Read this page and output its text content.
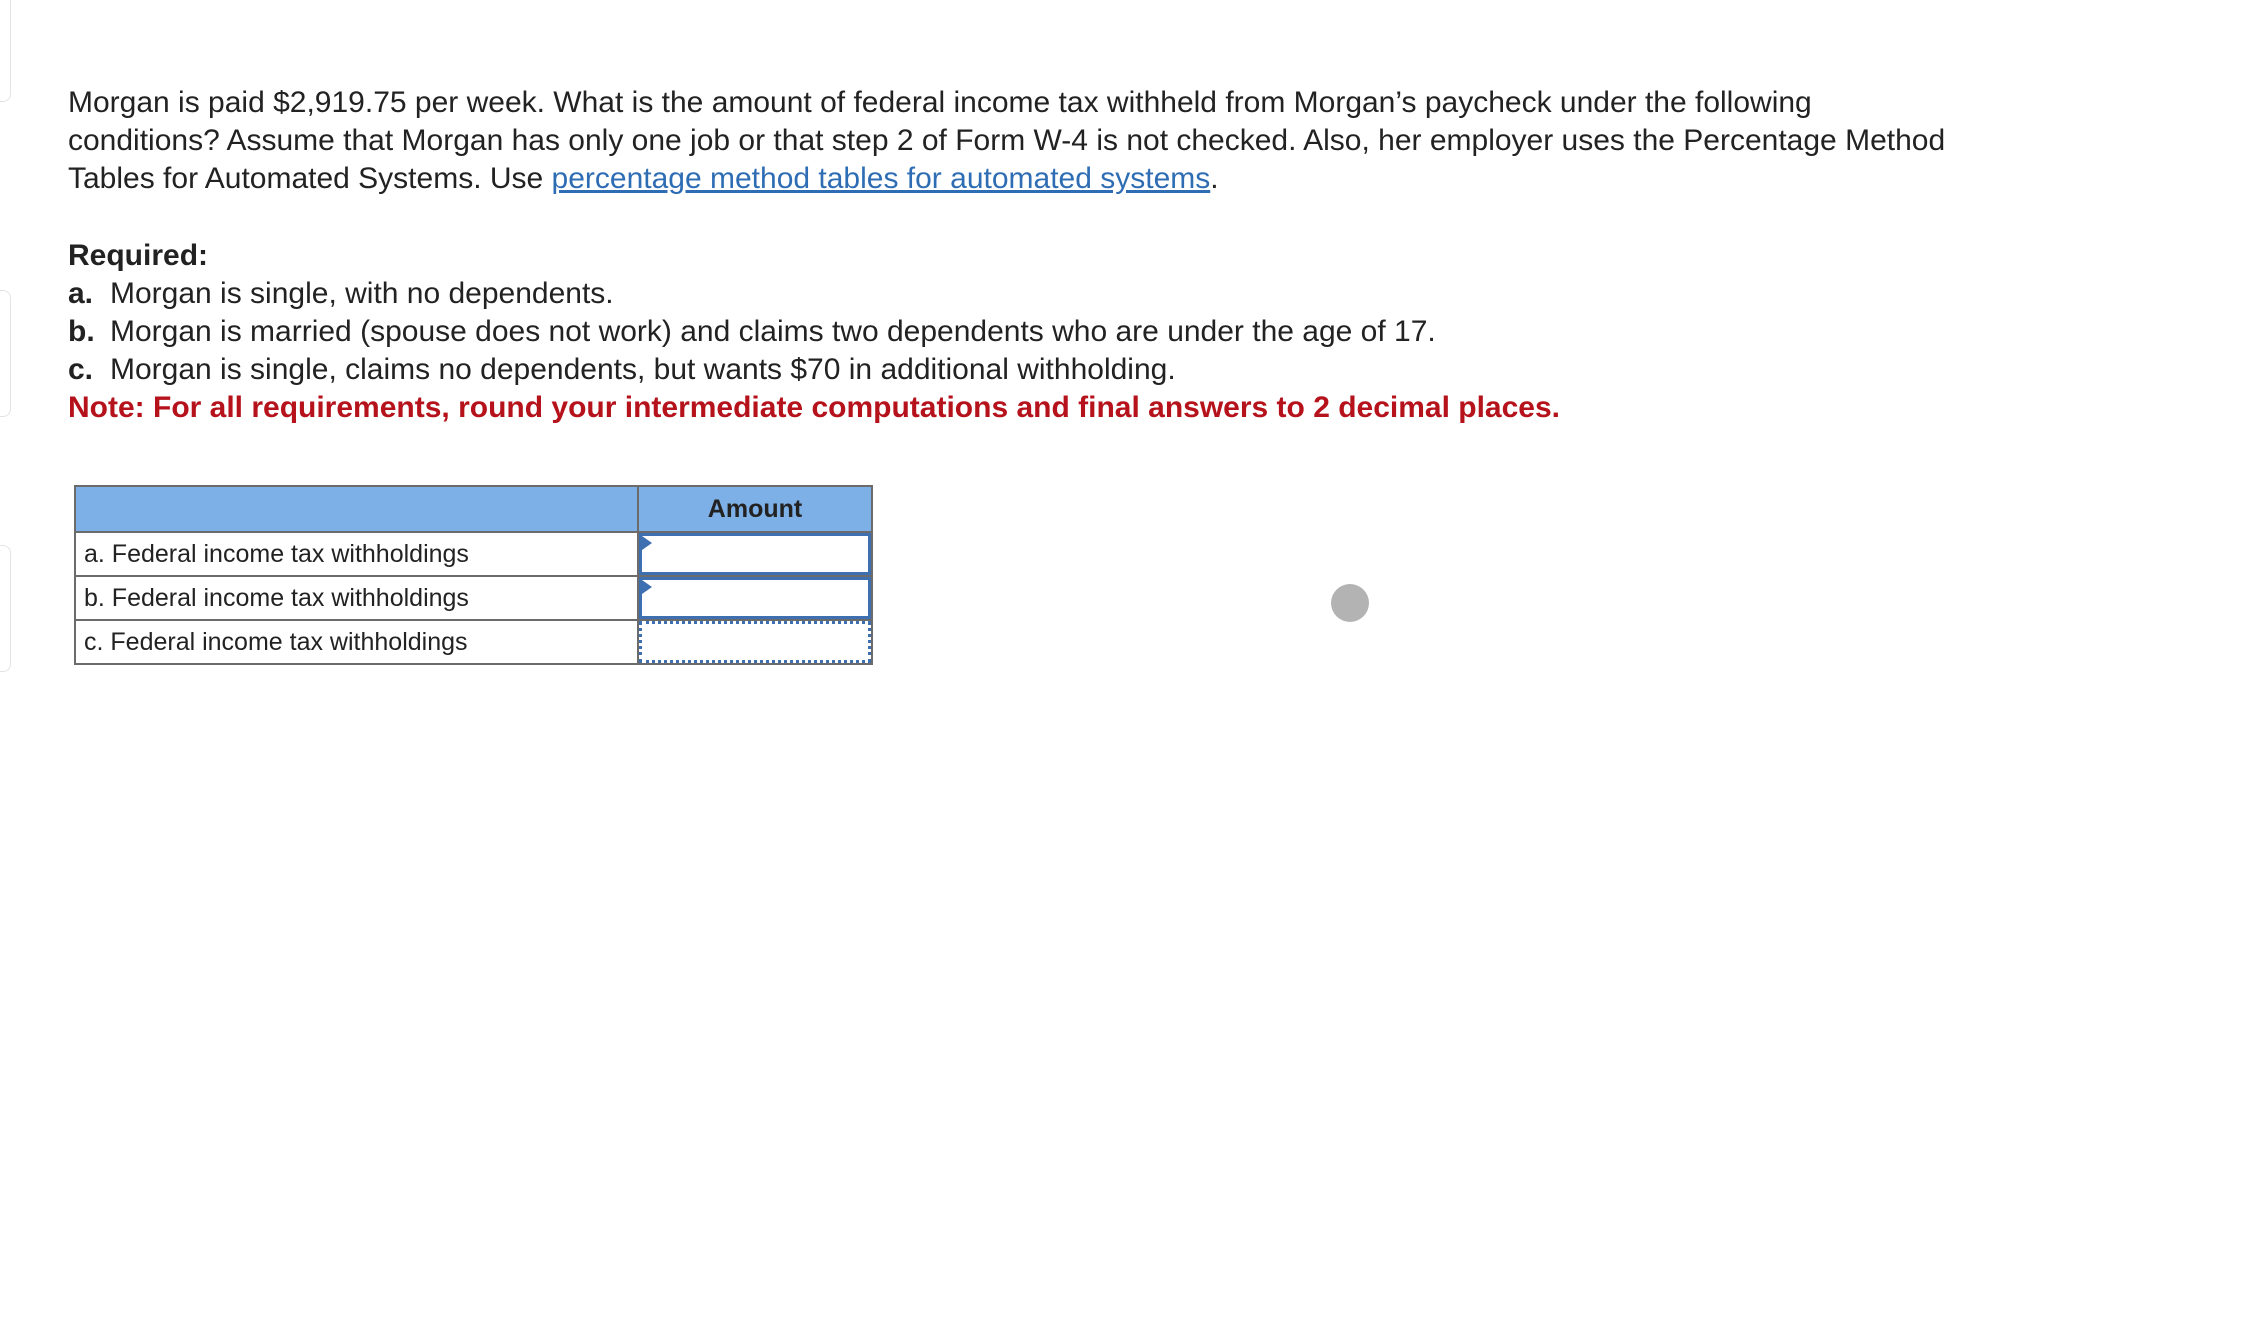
Morgan is paid $2,919.75 per week. What is the amount of federal income tax withheld from Morgan’s paycheck under the following conditions? Assume that Morgan has only one job or that step 2 of Form W-4 is not checked. Also, her employer uses the Percentage Method Tables for Automated Systems. Use percentage method tables for automated systems.

Required:

a. Morgan is single, with no dependents.

b. Morgan is married (spouse does not work) and claims two dependents who are under the age of 17.

c. Morgan is single, claims no dependents, but wants $70 in additional withholding.

Note: For all requirements, round your intermediate computations and final answers to 2 decimal places.

	Amount
a. Federal income tax withholdings	

b. Federal income tax withholdings	

c. Federal income tax withholdings	
